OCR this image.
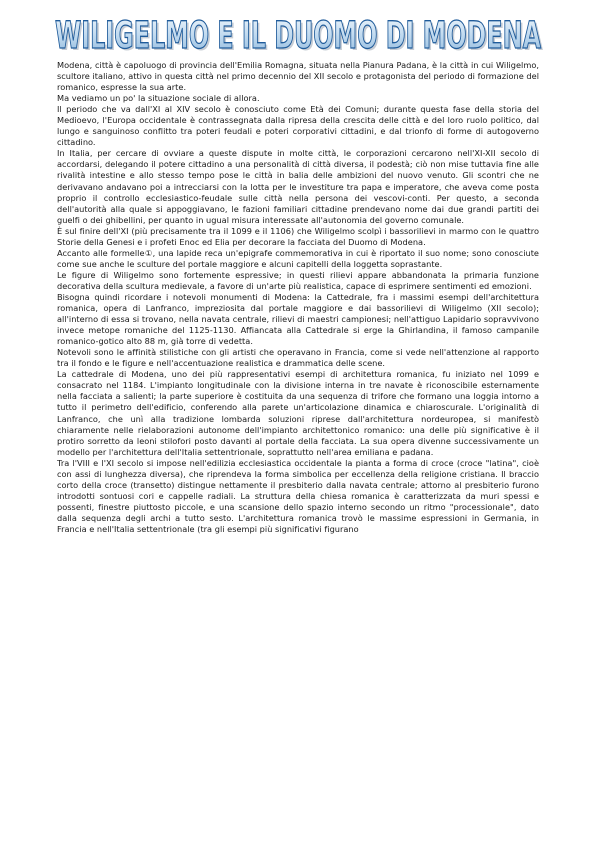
WILIGELMO E IL DUOMO DI MODENA
WILIGELMO E IL DUOMO DI MODENA

Modena, città è capoluogo di provincia dell'Emilia Romagna, situata nella Pianura Padana, è la città in cui Wiligelmo, scultore italiano, attivo in questa città nel primo decennio del XII secolo e protagonista del periodo di formazione del romanico, espresse la sua arte.

Ma vediamo un po' la situazione sociale di allora.

Il periodo che va dall'XI al XIV secolo è conosciuto come Età dei Comuni; durante questa fase della storia del Medioevo, l'Europa occidentale è contrassegnata dalla ripresa della crescita delle città e del loro ruolo politico, dal lungo e sanguinoso conflitto tra poteri feudali e poteri corporativi cittadini, e dal trionfo di forme di autogoverno cittadino.

In Italia, per cercare di ovviare a queste dispute in molte città, le corporazioni cercarono nell'XI-XII secolo di accordarsi, delegando il potere cittadino a una personalità di città diversa, il podestà; ciò non mise tuttavia fine alle rivalità intestine e allo stesso tempo pose le città in balia delle ambizioni del nuovo venuto. Gli scontri che ne derivavano andavano poi a intrecciarsi con la lotta per le investiture tra papa e imperatore, che aveva come posta proprio il controllo ecclesiastico-feudale sulle città nella persona dei vescovi-conti. Per questo, a seconda dell'autorità alla quale si appoggiavano, le fazioni familiari cittadine prendevano nome dai due grandi partiti dei guelfi o dei ghibellini, per quanto in ugual misura interessate all'autonomia del governo comunale.

È sul finire dell'XI (più precisamente tra il 1099 e il 1106) che Wiligelmo scolpì i bassorilievi in marmo con le quattro Storie della Genesi e i profeti Enoc ed Elia per decorare la facciata del Duomo di Modena.

Accanto alle formelle①, una lapide reca un'epigrafe commemorativa in cui è riportato il suo nome; sono conosciute come sue anche le sculture del portale maggiore e alcuni capitelli della loggetta soprastante.

Le figure di Wiligelmo sono fortemente espressive; in questi rilievi appare abbandonata la primaria funzione decorativa della scultura medievale, a favore di un'arte più realistica, capace di esprimere sentimenti ed emozioni.

Bisogna quindi ricordare i notevoli monumenti di Modena: la Cattedrale, fra i massimi esempi dell'architettura romanica, opera di Lanfranco, impreziosita dal portale maggiore e dai bassorilievi di Wiligelmo (XII secolo); all'interno di essa si trovano, nella navata centrale, rilievi di maestri campionesi; nell'attiguo Lapidario sopravvivono invece metope romaniche del 1125-1130. Affiancata alla Cattedrale si erge la Ghirlandina, il famoso campanile romanico-gotico alto 88 m, già torre di vedetta.

Notevoli sono le affinità stilistiche con gli artisti che operavano in Francia, come si vede nell'attenzione al rapporto tra il fondo e le figure e nell'accentuazione realistica e drammatica delle scene.

La cattedrale di Modena, uno dei più rappresentativi esempi di architettura romanica, fu iniziato nel 1099 e consacrato nel 1184. L'impianto longitudinale con la divisione interna in tre navate è riconoscibile esternamente nella facciata a salienti; la parte superiore è costituita da una sequenza di trifore che formano una loggia intorno a tutto il perimetro dell'edificio, conferendo alla parete un'articolazione dinamica e chiaroscurale. L'originalità di Lanfranco, che unì alla tradizione lombarda soluzioni riprese dall'architettura nordeuropea, si manifestò chiaramente nelle rielaborazioni autonome dell'impianto architettonico romanico: una delle più significative è il protiro sorretto da leoni stilofori posto davanti al portale della facciata. La sua opera divenne successivamente un modello per l'architettura dell'Italia settentrionale, soprattutto nell'area emiliana e padana.

Tra l'VIII e l'XI secolo si impose nell'edilizia ecclesiastica occidentale la pianta a forma di croce (croce "latina", cioè con assi di lunghezza diversa), che riprendeva la forma simbolica per eccellenza della religione cristiana. Il braccio corto della croce (transetto) distingue nettamente il presbiterio dalla navata centrale; attorno al presbiterio furono introdotti sontuosi cori e cappelle radiali. La struttura della chiesa romanica è caratterizzata da muri spessi e possenti, finestre piuttosto piccole, e una scansione dello spazio interno secondo un ritmo "processionale", dato dalla sequenza degli archi a tutto sesto. L'architettura romanica trovò le massime espressioni in Germania, in Francia e nell'Italia settentrionale (tra gli esempi più significativi figurano
